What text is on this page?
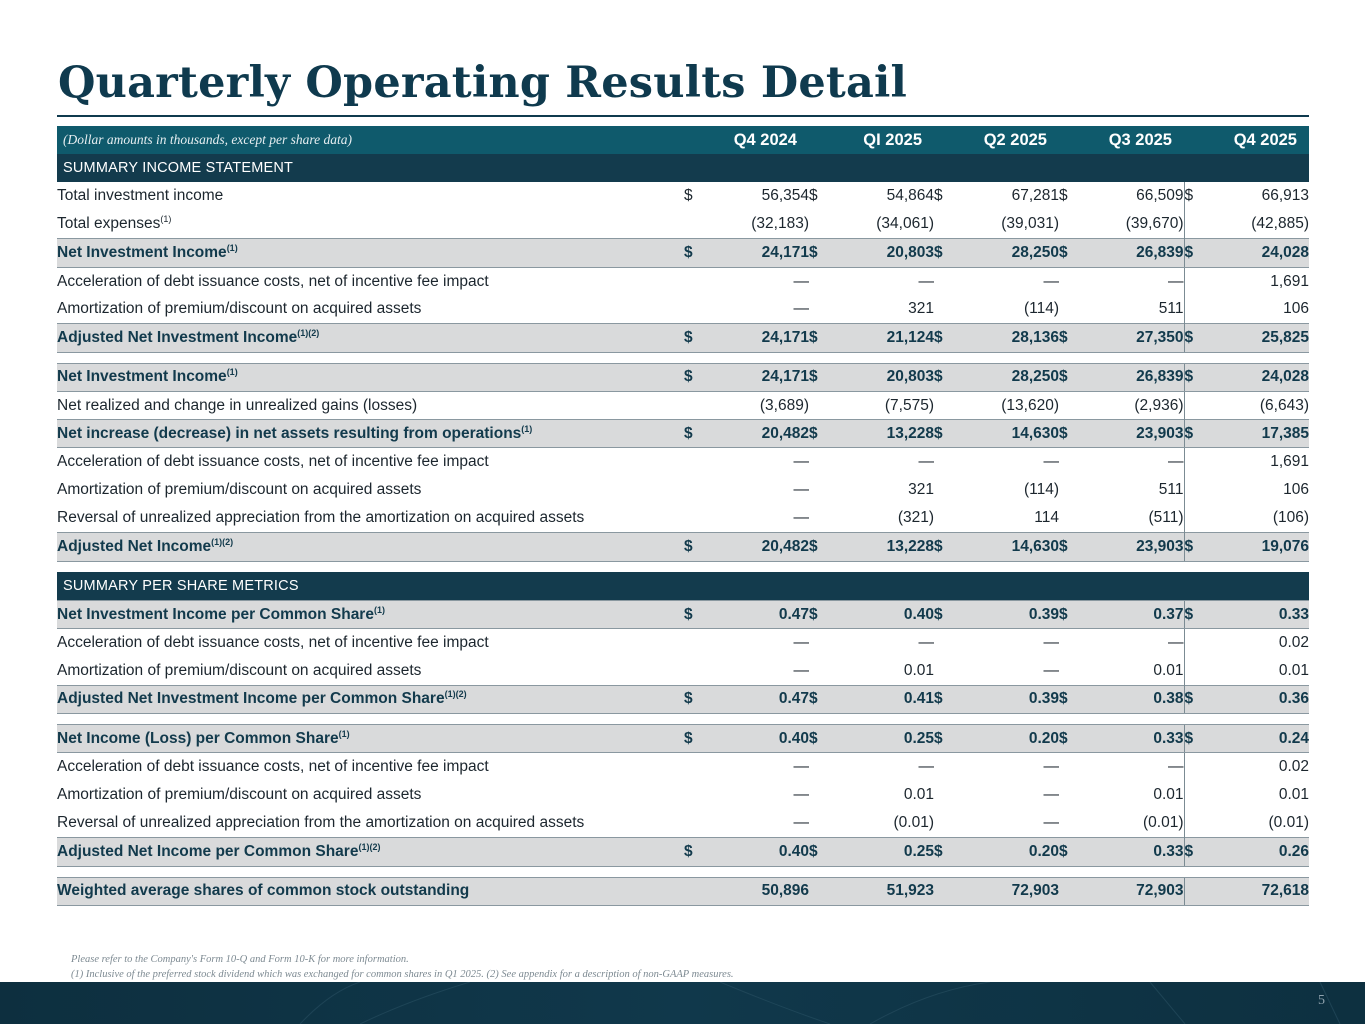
Quarterly Operating Results Detail
(Dollar amounts in thousands, except per share data)	Q4 2024		QI 2025		Q2 2025		Q3 2025		Q4 2025	
SUMMARY INCOME STATEMENT										
Total investment income	$	56,354	$	54,864	$	67,281	$	66,509	$	66,913
Total expenses$^{(1)}$		(32,183)		(34,061)		(39,031)		(39,670)		(42,885)
Net Investment Income$^{(1)}$	$	24,171	$	20,803	$	28,250	$	26,839	$	24,028
Acceleration of debt issuance costs, net of incentive fee impact		—		—		—		—		1,691
Amortization of premium/discount on acquired assets		—		321		(114)		511		106
Adjusted Net Investment Income$^{(1)(2)}$	$	24,171	$	21,124	$	28,136	$	27,350	$	25,825

Net Investment Income$^{(1)}$	$	24,171	$	20,803	$	28,250	$	26,839	$	24,028
Net realized and change in unrealized gains (losses)		(3,689)		(7,575)		(13,620)		(2,936)		(6,643)
Net increase (decrease) in net assets resulting from operations$^{(1)}$	$	20,482	$	13,228	$	14,630	$	23,903	$	17,385
Acceleration of debt issuance costs, net of incentive fee impact		—		—		—		—		1,691
Amortization of premium/discount on acquired assets		—		321		(114)		511		106
Reversal of unrealized appreciation from the amortization on acquired assets		—		(321)		114		(511)		(106)
Adjusted Net Income$^{(1)(2)}$	$	20,482	$	13,228	$	14,630	$	23,903	$	19,076

SUMMARY PER SHARE METRICS										
Net Investment Income per Common Share$^{(1)}$	$	0.47	$	0.40	$	0.39	$	0.37	$	0.33
Acceleration of debt issuance costs, net of incentive fee impact		—		—		—		—		0.02
Amortization of premium/discount on acquired assets		—		0.01		—		0.01		0.01
Adjusted Net Investment Income per Common Share$^{(1)(2)}$	$	0.47	$	0.41	$	0.39	$	0.38	$	0.36

Net Income (Loss) per Common Share$^{(1)}$	$	0.40	$	0.25	$	0.20	$	0.33	$	0.24
Acceleration of debt issuance costs, net of incentive fee impact		—		—		—		—		0.02
Amortization of premium/discount on acquired assets		—		0.01		—		0.01		0.01
Reversal of unrealized appreciation from the amortization on acquired assets		—		(0.01)		—		(0.01)		(0.01)
Adjusted Net Income per Common Share$^{(1)(2)}$	$	0.40	$	0.25	$	0.20	$	0.33	$	0.26

Weighted average shares of common stock outstanding		50,896		51,923		72,903		72,903		72,618
Please refer to the Company's Form 10-Q and Form 10-K for more information.
(1) Inclusive of the preferred stock dividend which was exchanged for common shares in Q1 2025. (2) See appendix for a description of non-GAAP measures.
5
